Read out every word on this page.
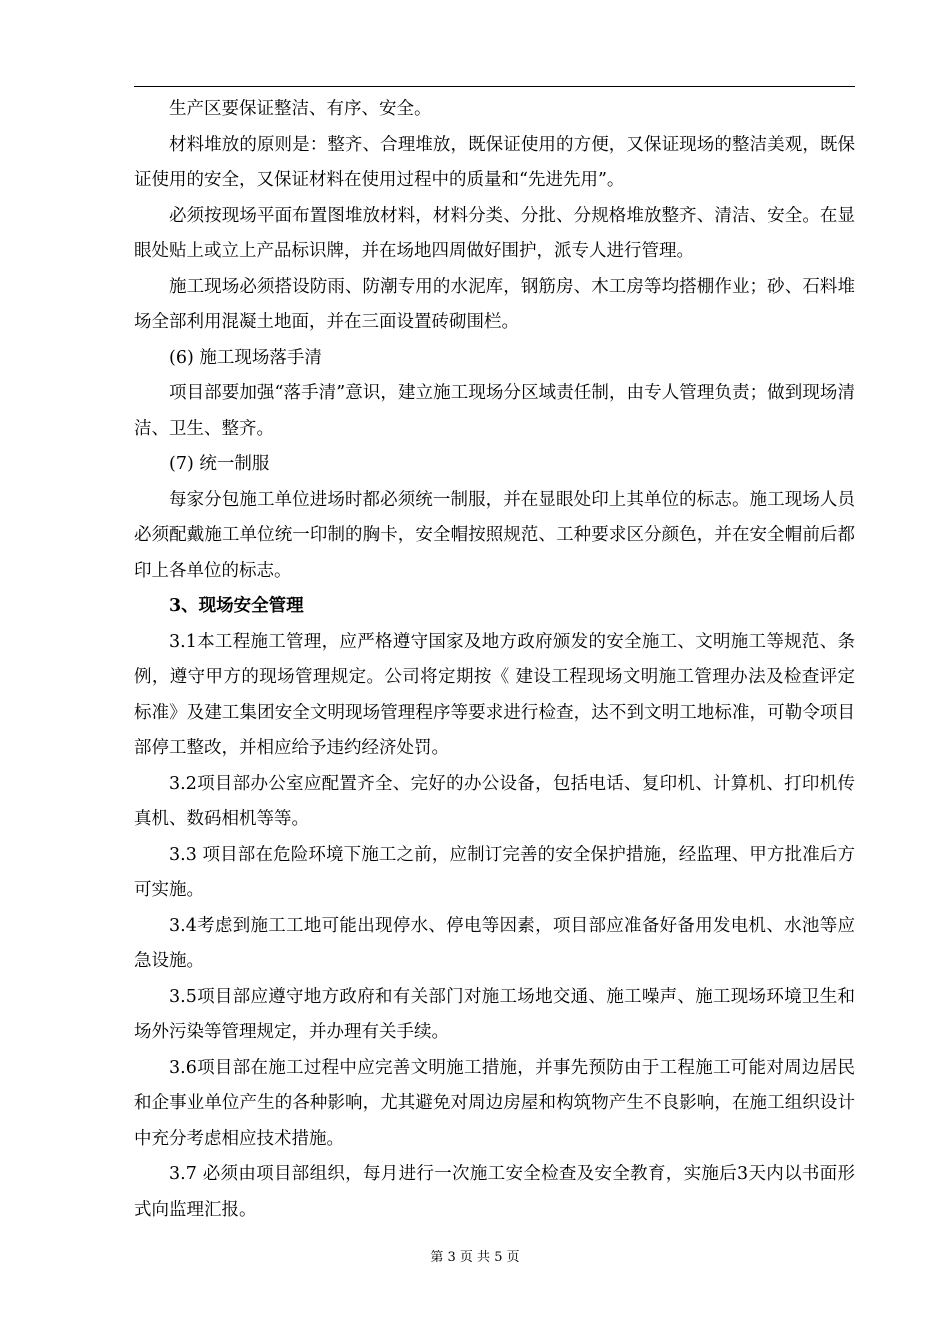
生产区要保证整洁、有序、安全。

材料堆放的原则是：整齐、合理堆放，既保证使用的方便，又保证现场的整洁美观，既保证使用的安全，又保证材料在使用过程中的质量和“先进先用”。

必须按现场平面布置图堆放材料，材料分类、分批、分规格堆放整齐、清洁、安全。在显眼处贴上或立上产品标识牌，并在场地四周做好围护，派专人进行管理。

施工现场必须搭设防雨、防潮专用的水泥库，钢筋房、木工房等均搭棚作业；砂、石料堆场全部利用混凝土地面，并在三面设置砖砌围栏。

(6) 施工现场落手清

项目部要加强“落手清”意识，建立施工现场分区域责任制，由专人管理负责；做到现场清洁、卫生、整齐。

(7) 统一制服

每家分包施工单位进场时都必须统一制服，并在显眼处印上其单位的标志。施工现场人员必须配戴施工单位统一印制的胸卡，安全帽按照规范、工种要求区分颜色，并在安全帽前后都印上各单位的标志。

3、现场安全管理

3.1本工程施工管理，应严格遵守国家及地方政府颁发的安全施工、文明施工等规范、条例，遵守甲方的现场管理规定。公司将定期按《 建设工程现场文明施工管理办法及检查评定标准》及建工集团安全文明现场管理程序等要求进行检查，达不到文明工地标准，可勒令项目部停工整改，并相应给予违约经济处罚。

3.2项目部办公室应配置齐全、完好的办公设备，包括电话、复印机、计算机、打印机传真机、数码相机等等。

3.3 项目部在危险环境下施工之前，应制订完善的安全保护措施，经监理、甲方批准后方可实施。

3.4考虑到施工工地可能出现停水、停电等因素，项目部应准备好备用发电机、水池等应急设施。

3.5项目部应遵守地方政府和有关部门对施工场地交通、施工噪声、施工现场环境卫生和场外污染等管理规定，并办理有关手续。

3.6项目部在施工过程中应完善文明施工措施，并事先预防由于工程施工可能对周边居民和企事业单位产生的各种影响，尤其避免对周边房屋和构筑物产生不良影响，在施工组织设计中充分考虑相应技术措施。

3.7 必须由项目部组织，每月进行一次施工安全检查及安全教育，实施后3天内以书面形式向监理汇报。

第 3 页 共 5 页
